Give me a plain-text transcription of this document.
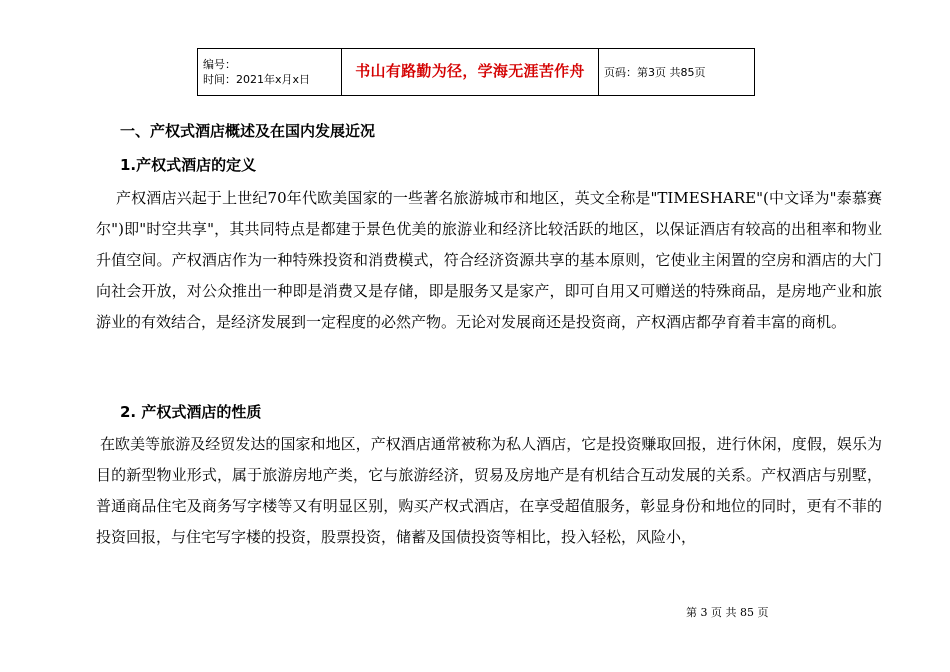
编号：
时间：2021年x月x日	书山有路勤为径，学海无涯苦作舟	页码：第3页 共85页
一、产权式酒店概述及在国内发展近况
1.产权式酒店的定义
产权酒店兴起于上世纪70年代欧美国家的一些著名旅游城市和地区，英文全称是"TIMESHARE"(中文译为"泰慕赛尔")即"时空共享"，其共同特点是都建于景色优美的旅游业和经济比较活跃的地区，以保证酒店有较高的出租率和物业升值空间。产权酒店作为一种特殊投资和消费模式，符合经济资源共享的基本原则，它使业主闲置的空房和酒店的大门向社会开放，对公众推出一种即是消费又是存储，即是服务又是家产，即可自用又可赠送的特殊商品，是房地产业和旅游业的有效结合，是经济发展到一定程度的必然产物。无论对发展商还是投资商，产权酒店都孕育着丰富的商机。
2. 产权式酒店的性质
在欧美等旅游及经贸发达的国家和地区，产权酒店通常被称为私人酒店，它是投资赚取回报，进行休闲，度假，娱乐为目的新型物业形式，属于旅游房地产类，它与旅游经济，贸易及房地产是有机结合互动发展的关系。产权酒店与别墅，普通商品住宅及商务写字楼等又有明显区别，购买产权式酒店，在享受超值服务，彰显身份和地位的同时，更有不菲的投资回报，与住宅写字楼的投资，股票投资，储蓄及国债投资等相比，投入轻松，风险小，
第 3 页 共 85 页
